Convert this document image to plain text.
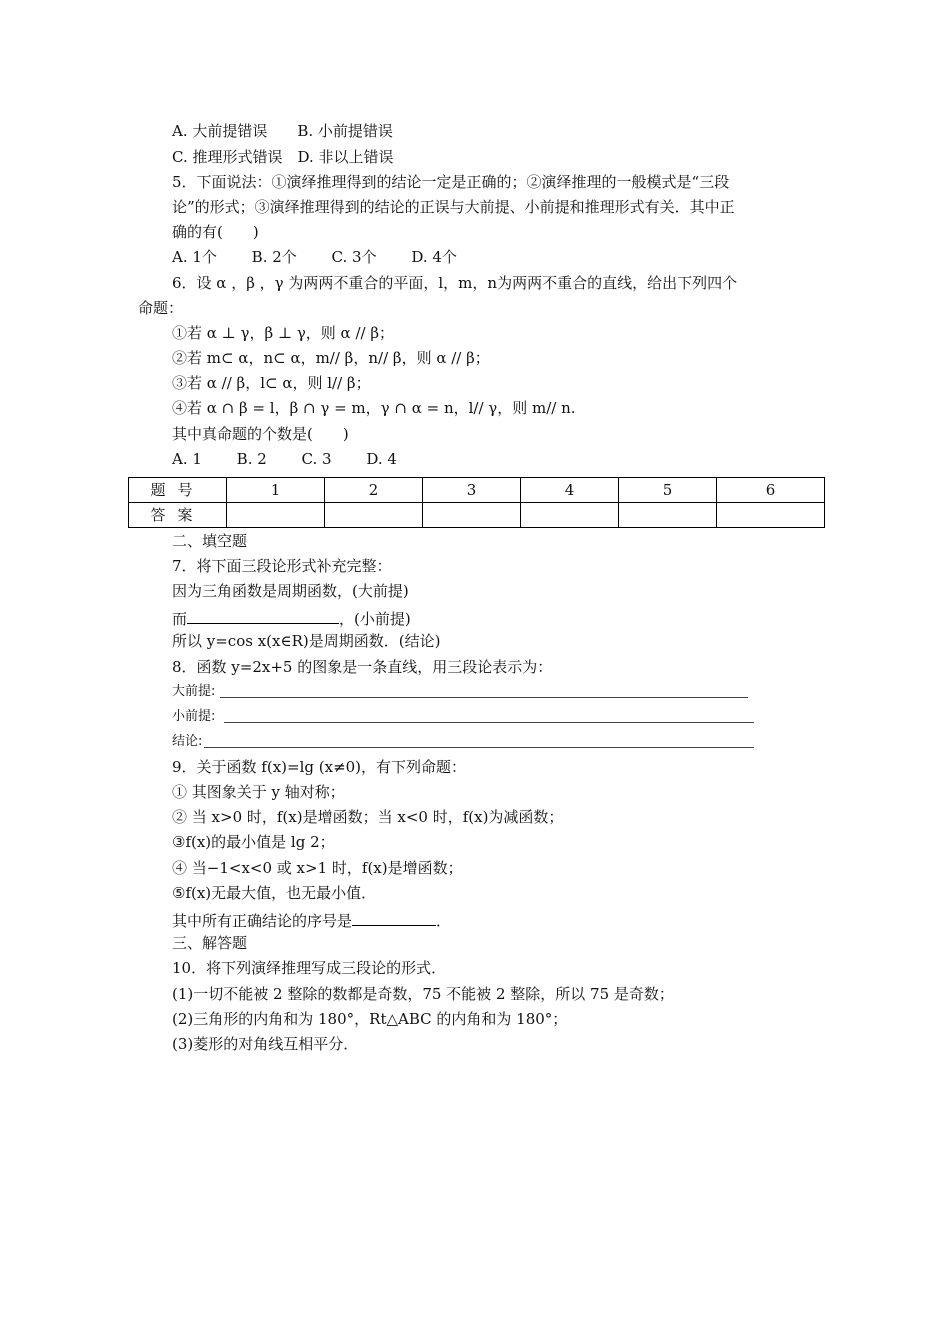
A. 大前提错误　　B. 小前提错误
C. 推理形式错误　D. 非以上错误
5．下面说法：①演绎推理得到的结论一定是正确的；②演绎推理的一般模式是“三段
论”的形式；③演绎推理得到的结论的正误与大前提、小前提和推理形式有关．其中正
确的有(　　)
A. 1个　　 B. 2个　　 C. 3个　　 D. 4个
6．设 α ，β ，γ 为两两不重合的平面，l，m，n为两两不重合的直线，给出下列四个
命题：
①若 α ⊥ γ，β ⊥ γ，则 α // β；
②若 m⊂ α，n⊂ α，m// β，n// β，则 α // β；
③若 α // β，l⊂ α，则 l// β；
④若 α ∩ β = l，β ∩ γ = m，γ ∩ α = n，l// γ，则 m// n.
其中真命题的个数是(　　)
A. 1　　 B. 2　　 C. 3　　 D. 4
题号	1	2	3	4	5	6
答案						
二、填空题
7．将下面三段论形式补充完整：
因为三角函数是周期函数，(大前提)
而	，(小前提)
所以 y=cos x(x∈R)是周期函数．(结论)
8．函数 y=2x+5 的图象是一条直线，用三段论表示为：
大前提:
小前提:
结论:
9．关于函数 f(x)=lg (x≠0)，有下列命题：
① 其图象关于 y 轴对称；
② 当 x>0 时，f(x)是增函数；当 x<0 时，f(x)为减函数；
③f(x)的最小值是 lg 2；
④ 当−1<x<0 或 x>1 时，f(x)是增函数；
⑤f(x)无最大值，也无最小值．
其中所有正确结论的序号是	．
三、解答题
10．将下列演绎推理写成三段论的形式．
(1)一切不能被 2 整除的数都是奇数，75 不能被 2 整除，所以 75 是奇数；
(2)三角形的内角和为 180°，Rt△ABC 的内角和为 180°；
(3)菱形的对角线互相平分．
